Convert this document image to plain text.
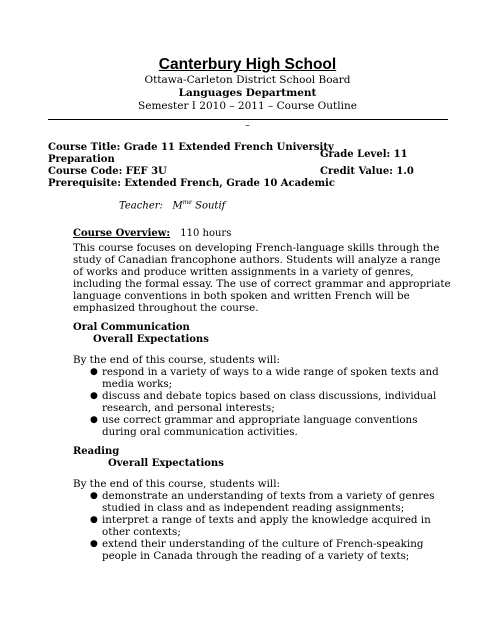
Canterbury High School
Ottawa-Carleton District School Board
Languages Department
Semester I 2010 – 2011 – Course Outline
–
Course Title: Grade 11 Extended French University
Preparation
Course Code: FEF 3U
Prerequisite: Extended French, Grade 10 Academic
Grade Level: 11
Credit Value: 1.0
Teacher: $M^{me}$ Soutif
Course Overview: 110 hours
This course focuses on developing French-language skills through the study of Canadian francophone authors. Students will analyze a range of works and produce written assignments in a variety of genres, including the formal essay. The use of correct grammar and appropriate language conventions in both spoken and written French will be emphasized throughout the course.
Oral Communication
Overall Expectations
By the end of this course, students will:
● respond in a variety of ways to a wide range of spoken texts and media works;
● discuss and debate topics based on class discussions, individual research, and personal interests;
● use correct grammar and appropriate language conventions during oral communication activities.
Reading
Overall Expectations
By the end of this course, students will:
● demonstrate an understanding of texts from a variety of genres studied in class and as independent reading assignments;
● interpret a range of texts and apply the knowledge acquired in other contexts;
● extend their understanding of the culture of French-speaking people in Canada through the reading of a variety of texts;
